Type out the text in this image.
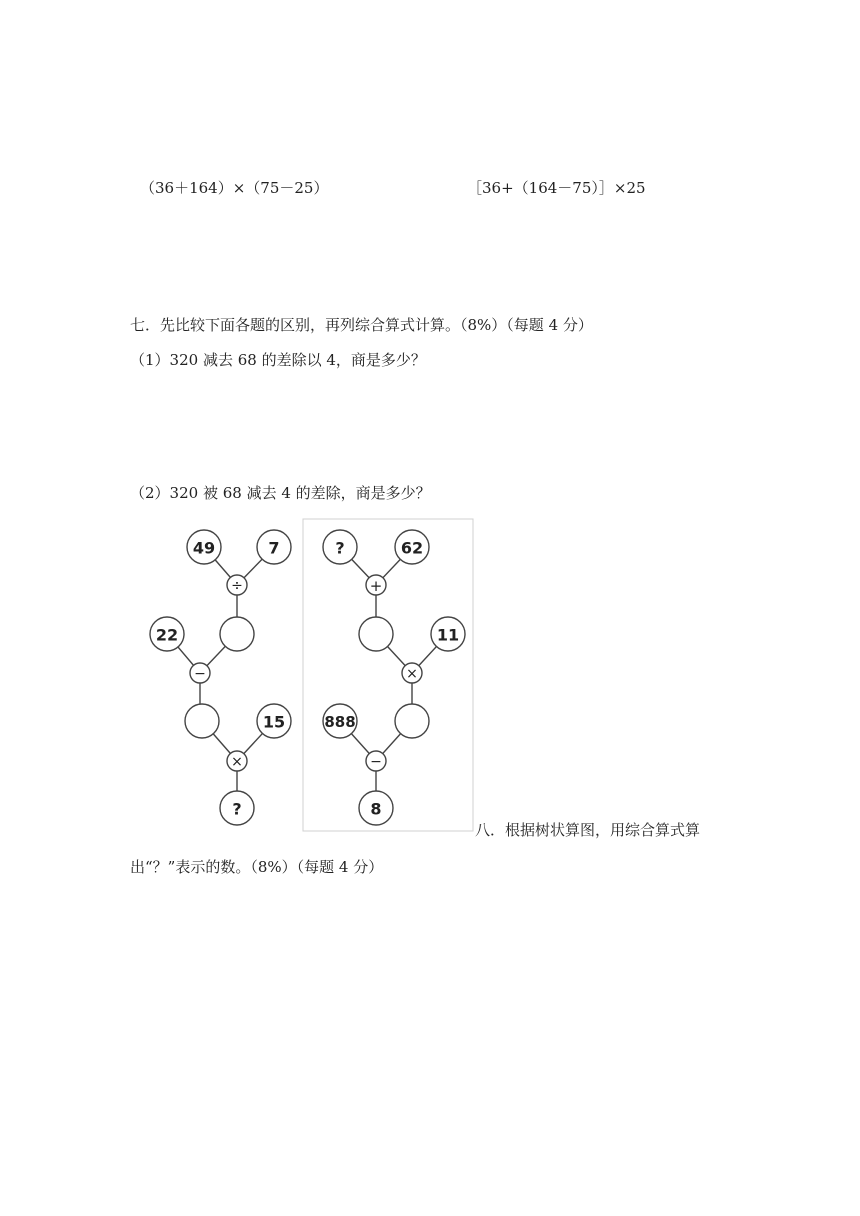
（36＋164）×（75－25）	［36+（164－75）］×25
七．先比较下面各题的区别，再列综合算式计算。（8%）（每题 4 分）
（1）320 减去 68 的差除以 4，商是多少？
（2）320 被 68 减去 4 的差除，商是多少？
49	7
÷
22
−
15
×
?
?	62
+
11
×
888
−
8
八．根据树状算图，用综合算式算
出“？”表示的数。（8%）（每题 4 分）
